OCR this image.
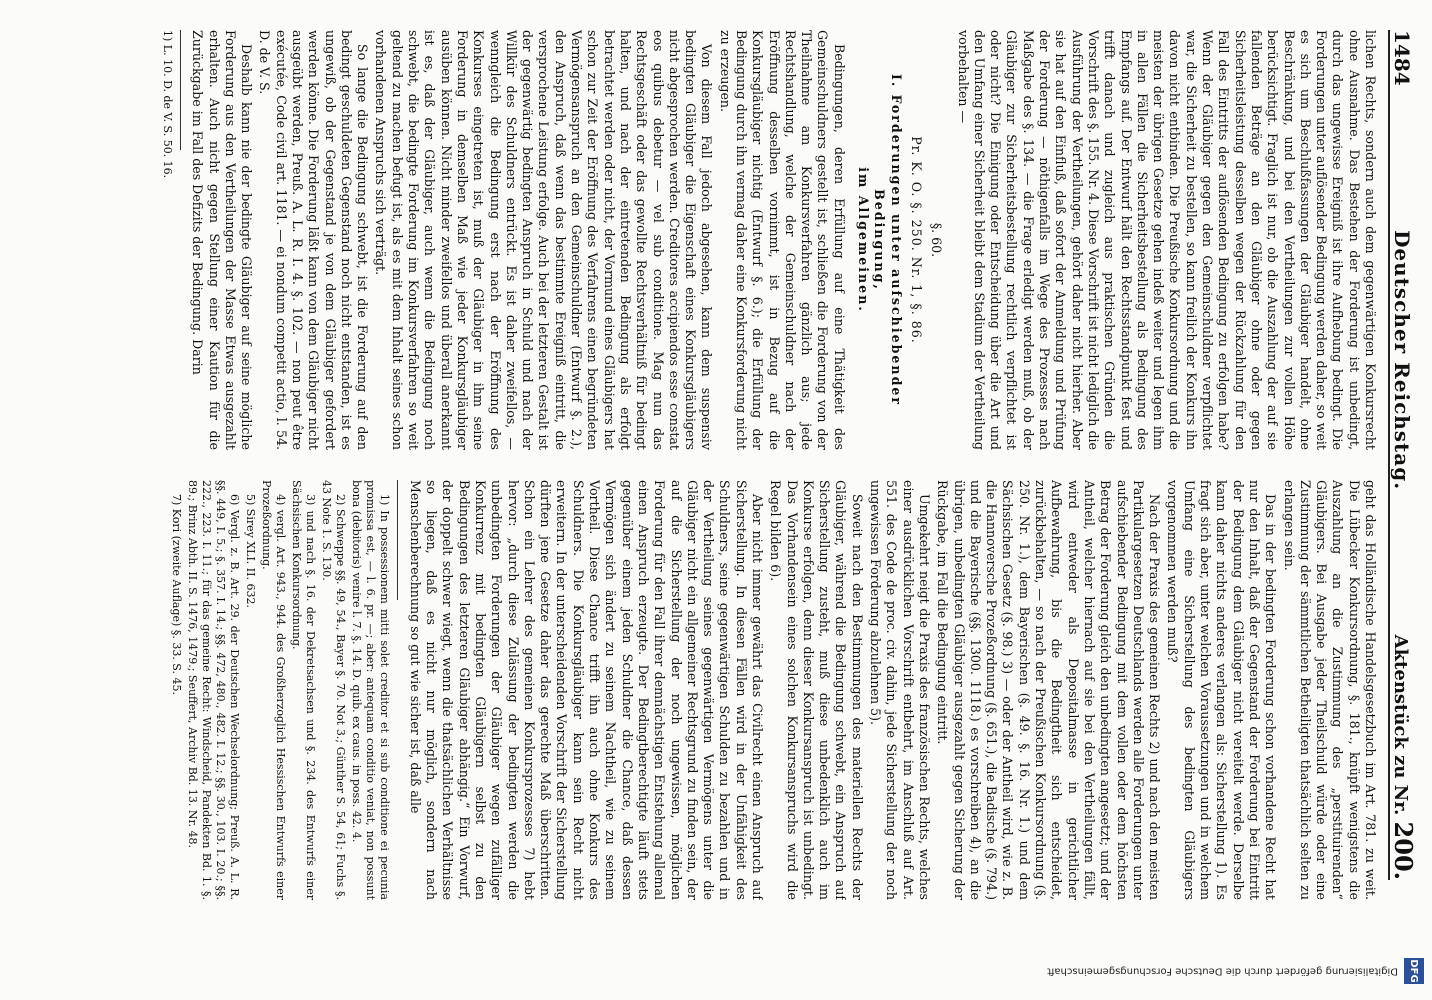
1484
Deutscher Reichstag.
Aktenstück zu Nr. 200.

lichen Rechts, sondern auch dem gegenwärtigen Konkursrecht ohne Ausnahme. Das Bestehen der Forderung ist unbedingt, durch das ungewisse Ereigniß ist ihre Aufhebung bedingt. Die Forderungen unter auflösender Bedingung werden daher, so weit es sich um Beschlußfassungen der Gläubiger handelt, ohne Beschränkung, und bei den Vertheilungen zur vollen Höhe berücksichtigt. Fraglich ist nur, ob die Auszahlung der auf sie fallenden Beträge an den Gläubiger ohne oder gegen Sicherheitsleistung desselben wegen der Rückzahlung für den Fall des Eintritts der auflösenden Bedingung zu erfolgen habe? Wenn der Gläubiger gegen den Gemeinschuldner verpflichtet war, die Sicherheit zu bestellen, so kann freilich der Konkurs ihn davon nicht entbinden. Die Preußische Konkursordnung und die meisten der übrigen Gesetze gehen indeß weiter und legen ihm in allen Fällen die Sicherheitsbestellung als Bedingung des Empfangs auf. Der Entwurf hält den Rechtsstandpunkt fest und trifft danach und zugleich aus praktischen Gründen die Vorschrift des §. 155. Nr. 4. Diese Vorschrift ist nicht lediglich die Ausführung der Vertheilungen, gehört daher nicht hierher. Aber sie hat auf den Einfluß, daß sofort der Anmeldung und Prüfung der Forderung — nöthigenfalls im Wege des Prozesses nach Maßgabe des §. 134. — die Frage erledigt werden muß, ob der Gläubiger zur Sicherheitsbestellung rechtlich verpflichtet ist oder nicht? Die Einigung oder Entscheidung über die Art und den Umfang einer Sicherheit bleibt dem Stadium der Vertheilung vorbehalten —

§. 60.
Pr. K. O. §. 250. Nr. 1, §. 86.
I. Forderungen unter aufschiebender Bedingung,
im Allgemeinen.

Bedingungen, deren Erfüllung auf eine Thätigkeit des Gemeinschuldners gestellt ist, schließen die Forderung von der Theilnahme am Konkursverfahren gänzlich aus; jede Rechtshandlung, welche der Gemeinschuldner nach der Eröffnung desselben vornimmt, ist in Bezug auf die Konkursgläubiger nichtig (Entwurf §. 6.); die Erfüllung der Bedingung durch ihn vermag daher eine Konkursforderung nicht zu erzeugen.

Von diesem Fall jedoch abgesehen, kann dem suspensiv bedingten Gläubiger die Eigenschaft eines Konkursgläubigers nicht abgesprochen werden. Creditores accipiendos esse constat eos quibus debetur — vel sub conditione. Mag nun das Rechtsgeschäft oder das gewollte Rechtsverhältniß für bedingt halten, und nach der eintretenden Bedingung als erfolgt betrachtet werden oder nicht, der Vormund eines Gläubigers hat schon zur Zeit der Eröffnung des Verfahrens einen begründeten Vermögensanspruch an den Gemeinschuldner (Entwurf §. 2.), den Anspruch, daß wenn das bestimmte Ereigniß eintritt, die versprochene Leistung erfolge. Auch bei der letzteren Gestalt ist der gegenwärtig bedingten Anspruch in Schuld und nach der Willkür des Schuldners entrückt. Es ist daher zweifellos, — wenngleich die Bedingung erst nach der Eröffnung des Konkurses eingetreten ist, muß der Gläubiger in ihm seine Forderung in demselben Maß wie jeder Konkursgläubiger ausüben können. Nicht minder zweifellos und überall anerkannt ist es, daß der Gläubiger, auch wenn die Bedingung noch schwebt, die bedingte Forderung im Konkursverfahren so weit geltend zu machen befugt ist, als es mit dem Inhalt seines schon vorhandenen Anspruchs sich verträgt.

So lange die Bedingung schwebt, ist die Forderung auf den bedingt geschuldeten Gegenstand noch nicht entstanden, ist es ungewiß, ob der Gegenstand je von dem Gläubiger gefordert werden könne. Die Forderung läßt kann von dem Gläubiger nicht ausgeübt werden, Preuß. A. L. R. I. 4. §. 102. — non peut être exécutée, Code civil art. 1181. — ei nondum competit actio, l. 54. D. de V. S.

Deshalb kann nie der bedingte Gläubiger auf seine mögliche Forderung aus den Vertheilungen der Masse Etwas ausgezahlt erhalten. Auch nicht gegen Stellung einer Kaution für die Zurückgabe im Fall des Defizits der Bedingung. Darin

1) L. 10. D. de V. S. 50. 16.

geht das Holländische Handelsgesetzbuch im Art. 781. zu weit. Die Lübecker Konkursordnung, §. 181., knüpft wenigstens die Auszahlung an die Zustimmung des „perstituirenden“ Gläubigers. Bei Ausgabe jeder Theilschuld würde oder eine Zustimmung der sämmtlichen Betheiligten thatsächlich selten zu erlangen sein.

Das in der bedingten Forderung schon vorhandene Recht hat nur den Inhalt, daß der Gegenstand der Forderung bei Eintritt der Bedingung dem Gläubiger nicht vereitelt werde. Derselbe kann daher nichts anderes verlangen als: Sicherstellung 1). Es fragt sich aber, unter welchen Voraussetzungen und in welchem Umfang eine Sicherstellung des bedingten Gläubigers vorgenommen werden muß?

Nach der Praxis des gemeinen Rechts 2) und nach den meisten Partikulargesetzen Deutschlands werden alle Forderungen unter aufschiebender Bedingung mit dem vollen oder dem höchsten Betrag der Forderung gleich den unbedingten angesetzt; und der Antheil, welcher hiernach auf sie bei den Vertheilungen fällt, wird entweder als Depositalmasse in gerichtlicher Aufbewahrung, bis die Bedingtheit sich entscheidet, zurückbehalten, — so nach der Preußischen Konkursordnung (§. 250. Nr. 1.), dem Bayerischen (§. 49. §. 16. Nr. 1.) und dem Sächsischen Gesetz (§. 98.) 3) — oder der Antheil wird, wie z. B. die Hannoversche Prozeßordnung (§. 651.), die Badische (§. 794.) und die Bayerische (§§. 1300. 1118.) es vorschreiben 4), an die übrigen, unbedingten Gläubiger ausgezahlt gegen Sicherung der Rückgabe, im Fall die Bedingung eintritt.

Umgekehrt neigt die Praxis des französischen Rechts, welches einer ausdrücklichen Vorschrift entbehrt, im Anschluß auf Art. 551. des Code de proc. civ. dahin, jede Sicherstellung der noch ungewissen Forderung abzulehnen 5).

Soweit nach den Bestimmungen des materiellen Rechts der Gläubiger, während die Bedingung schwebt, ein Anspruch auf Sicherstellung zusteht, muß diese unbedenklich auch im Konkurse erfolgen, denn dieser Konkursanspruch ist unbedingt. Das Vorhandensein eines solchen Konkursanspruchs wird die Regel bilden 6).

Aber nicht immer gewährt das Civilrecht einen Anspruch auf Sicherstellung. In diesen Fällen wird in der Unfähigkeit des Schuldners, seine gegenwärtigen Schulden zu bezahlen und in der Vertheilung seines gegenwärtigen Vermögens unter die Gläubiger nicht ein allgemeiner Rechtsgrund zu finden sein, der auf die Sicherstellung der noch ungewissen, möglichen Forderung für den Fall ihrer demnächstigen Entstehung allemal einen Anspruch erzeugte. Der Bedingtberechtigte läuft stets gegenüber einem jeden Schuldner die Chance, daß dessen Vermögen sich ändert zu seinem Nachtheil, wie zu seinem Vortheil. Diese Chance trifft ihn auch ohne Konkurs des Schuldners. Die Konkursgläubiger kann sein Recht nicht erweitern. In der unterscheidenden Vorschrift der Sicherstellung dürften jene Gesetze daher das gerechte Maß überschritten. Schon ein Lehrer des gemeinen Konkursprozesses 7) hebt hervor: „durch diese Zulässung der bedingten werden die unbedingten Forderungen der Gläubiger wegen zufälliger Konkurrenz mit bedingten Gläubigern selbst zu den Bedingungen des letzteren Gläubiger abhängig.“ Ein Vorwurf, der doppelt schwer wiegt, wenn die thatsächlichen Verhältnisse so liegen, daß es nicht nur möglich, sondern nach Menschenberechnung so gut wie sicher ist, daß alle

1) In possessionem mitti solet creditor et si sub conditione ei pecunia promissa est, — l. 6. pr. —; aber: antequam conditio veniat, non possunt bona (debitoris) venire l. 7. §. 14. D. quib. ex caus. in poss. 42. 4.

2) Schweppe §§. 49, 54., Bayer §. 70. Not 3.; Günther S. 54, 61; Fuchs §. 43 Note 1. S. 130.

3) und nach §. 16. der Dekretsachsen und §. 234. des Entwurfs einer Sächsischen Konkursordnung.

4) vergl. Art. 943., 944. des Großherzoglich Hessischen Entwurfs einer Prozeßordnung.

5) Sirey XLI. II. 632.

6) Vergl. z. B. Art. 29. der Deutschen Wechselordnung; Preuß. A. L. R. §§. 449, I. 5.; §. 357. I. 14.; §§. 472, 480., 482. I. 12.; §§. 30., 103. I. 20.; §§. 222., 223. I. 11.; für das gemeine Recht: Windscheid, Pandekten Bd. 1. §. 89.; Brinz Abth. II. S. 1476, 1479.; Seuffert, Archiv Bd. 13. Nr. 48.

7) Kori (zweite Auflage) §. 33. S. 45.

DFG
Digitalisierung gefördert durch die Deutsche Forschungsgemeinschaft
